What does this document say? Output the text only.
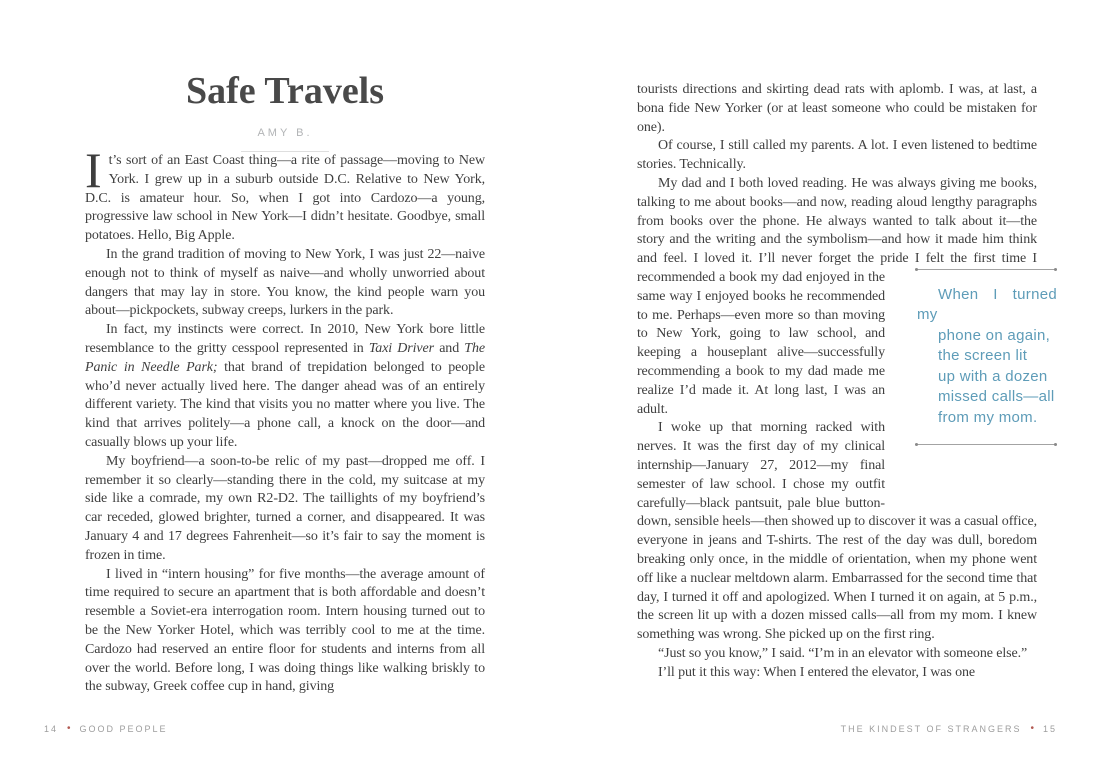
Safe Travels
AMY B.

It’s sort of an East Coast thing—a rite of passage—moving to New York. I grew up in a suburb outside D.C. Relative to New York, D.C. is amateur hour. So, when I got into Cardozo—a young, progressive law school in New York—I didn’t hesitate. Goodbye, small potatoes. Hello, Big Apple.

In the grand tradition of moving to New York, I was just 22—naive enough not to think of myself as naive—and wholly unworried about dangers that may lay in store. You know, the kind people warn you about—pickpockets, subway creeps, lurkers in the park.

In fact, my instincts were correct. In 2010, New York bore little resemblance to the gritty cesspool represented in Taxi Driver and The Panic in Needle Park; that brand of trepidation belonged to people who’d never actually lived here. The danger ahead was of an entirely different variety. The kind that visits you no matter where you live. The kind that arrives politely—a phone call, a knock on the door—and casually blows up your life.

My boyfriend—a soon-to-be relic of my past—dropped me off. I remember it so clearly—standing there in the cold, my suitcase at my side like a comrade, my own R2-D2. The taillights of my boyfriend’s car receded, glowed brighter, turned a corner, and disappeared. It was January 4 and 17 degrees Fahrenheit—so it’s fair to say the moment is frozen in time.

I lived in “intern housing” for five months—the average amount of time required to secure an apartment that is both affordable and doesn’t resemble a Soviet-era interrogation room. Intern housing turned out to be the New Yorker Hotel, which was terribly cool to me at the time. Cardozo had reserved an entire floor for students and interns from all over the world. Before long, I was doing things like walking briskly to the subway, Greek coffee cup in hand, giving

tourists directions and skirting dead rats with aplomb. I was, at last, a bona fide New Yorker (or at least someone who could be mistaken for one).

Of course, I still called my parents. A lot. I even listened to bedtime stories. Technically.

My dad and I both loved reading. He was always giving me books, talking to me about books—and now, reading aloud lengthy paragraphs from books over the phone. He always wanted to talk about it—the story and the writing and the symbolism—and how it made him think and feel. I loved it. I’ll never forget the pride I
When I turned my
phone on again,
the screen lit
up with a dozen
missed calls—all
from my mom.
felt the first time I recommended a book my dad enjoyed in the same way I enjoyed books he recommended to me. Perhaps—even more so than moving to New York, going to law school, and keeping a houseplant alive—successfully recommending a book to my dad made me realize I’d made it. At long last, I was an adult.

I woke up that morning racked with nerves. It was the first day of my clinical internship—January 27, 2012—my final semester of law school. I chose my outfit carefully—black pantsuit, pale blue button-down, sensible heels—then showed up to discover it was a casual office, everyone in jeans and T-shirts. The rest of the day was dull, boredom breaking only once, in the middle of orientation, when my phone went off like a nuclear meltdown alarm. Embarrassed for the second time that day, I turned it off and apologized. When I turned it on again, at 5 p.m., the screen lit up with a dozen missed calls—all from my mom. I knew something was wrong. She picked up on the first ring.

“Just so you know,” I said. “I’m in an elevator with someone else.”

I’ll put it this way: When I entered the elevator, I was one

14 • GOOD PEOPLE	THE KINDEST OF STRANGERS • 15
